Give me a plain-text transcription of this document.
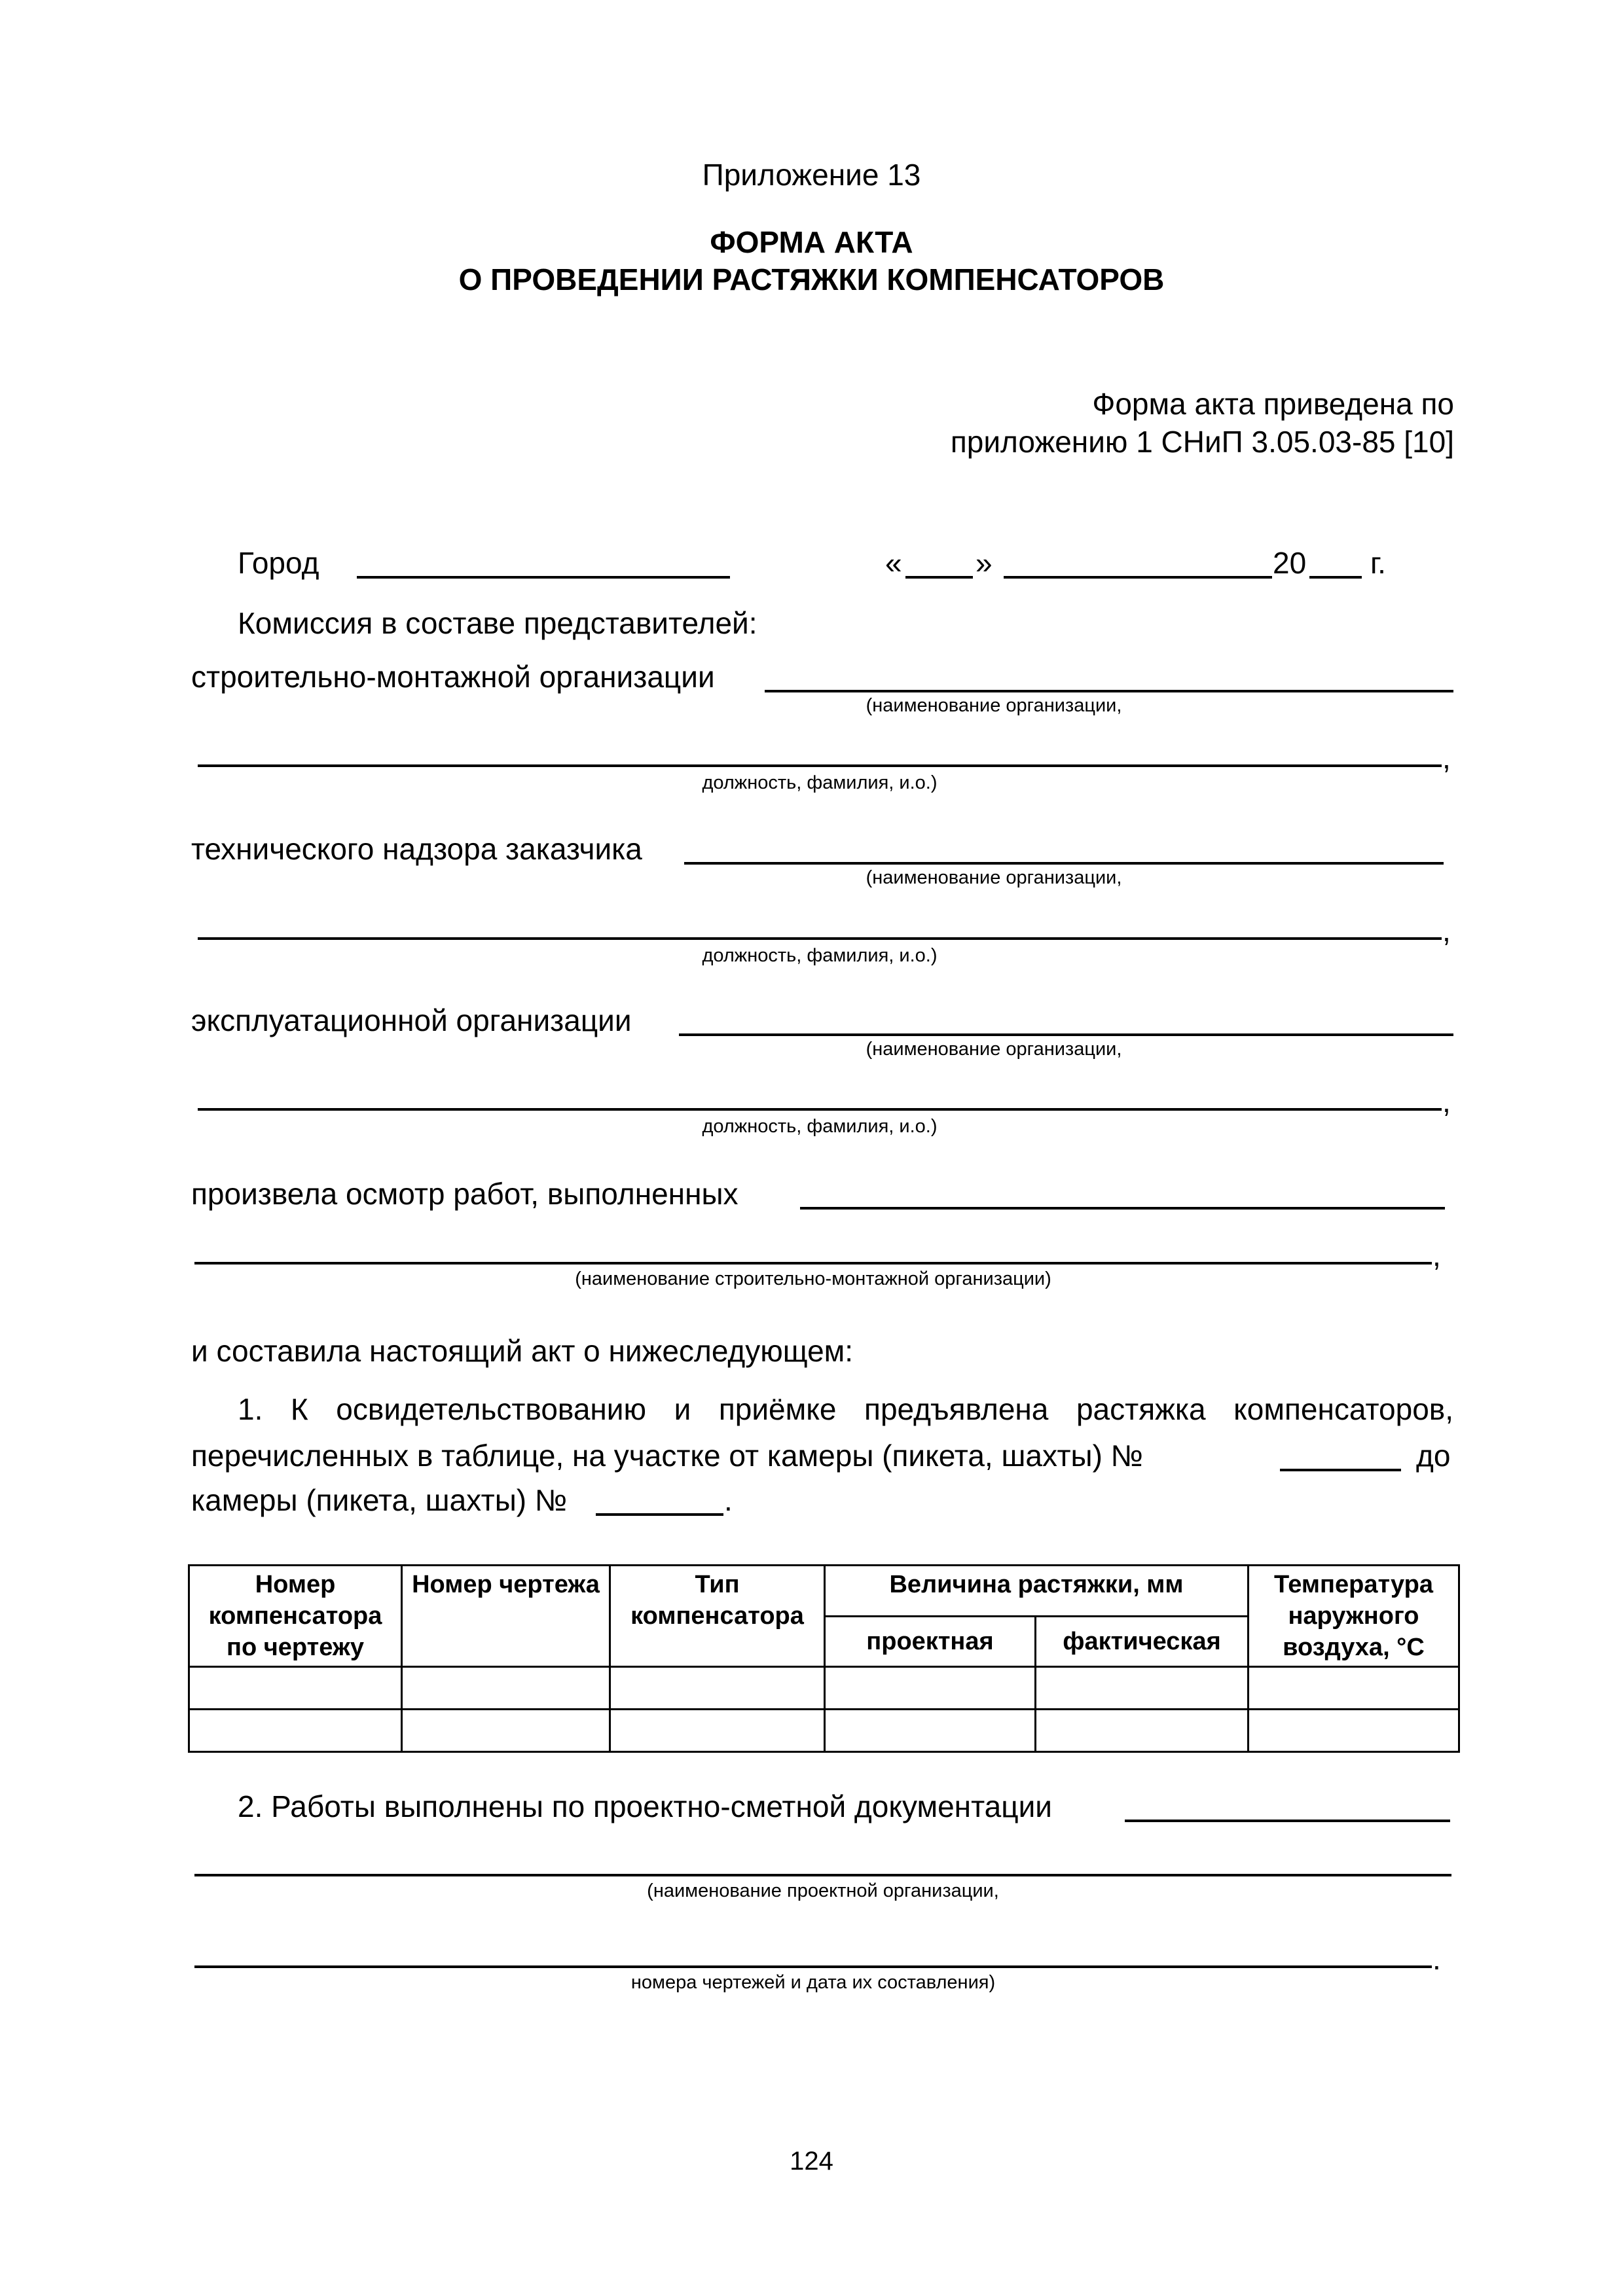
Приложение 13
ФОРМА АКТА
О ПРОВЕДЕНИИ РАСТЯЖКИ КОМПЕНСАТОРОВ
Форма акта приведена по
приложению 1 СНиП 3.05.03-85 [10]
Город	« »	20 г.
Комиссия в составе представителей:
строительно-монтажной организации
(наименование организации,
,
должность, фамилия, и.о.)
технического надзора заказчика
(наименование организации,
,
должность, фамилия, и.о.)
эксплуатационной организации
(наименование организации,
,
должность, фамилия, и.о.)
произвела осмотр работ, выполненных
,
(наименование строительно-монтажной организации)
и составила настоящий акт о нижеследующем:
1. К освидетельствованию и приёмке предъявлена растяжка компенсаторов,
перечисленных в таблице, на участке от камеры (пикета, шахты) №	до
камеры (пикета, шахты) №	.
Номер компенсатора по чертежу	Номер чертежа	Тип компенсатора	Величина растяжки, мм		Температура наружного воздуха, °С
			проектная	фактическая	

2. Работы выполнены по проектно-сметной документации
(наименование проектной организации,
.
номера чертежей и дата их составления)
124
